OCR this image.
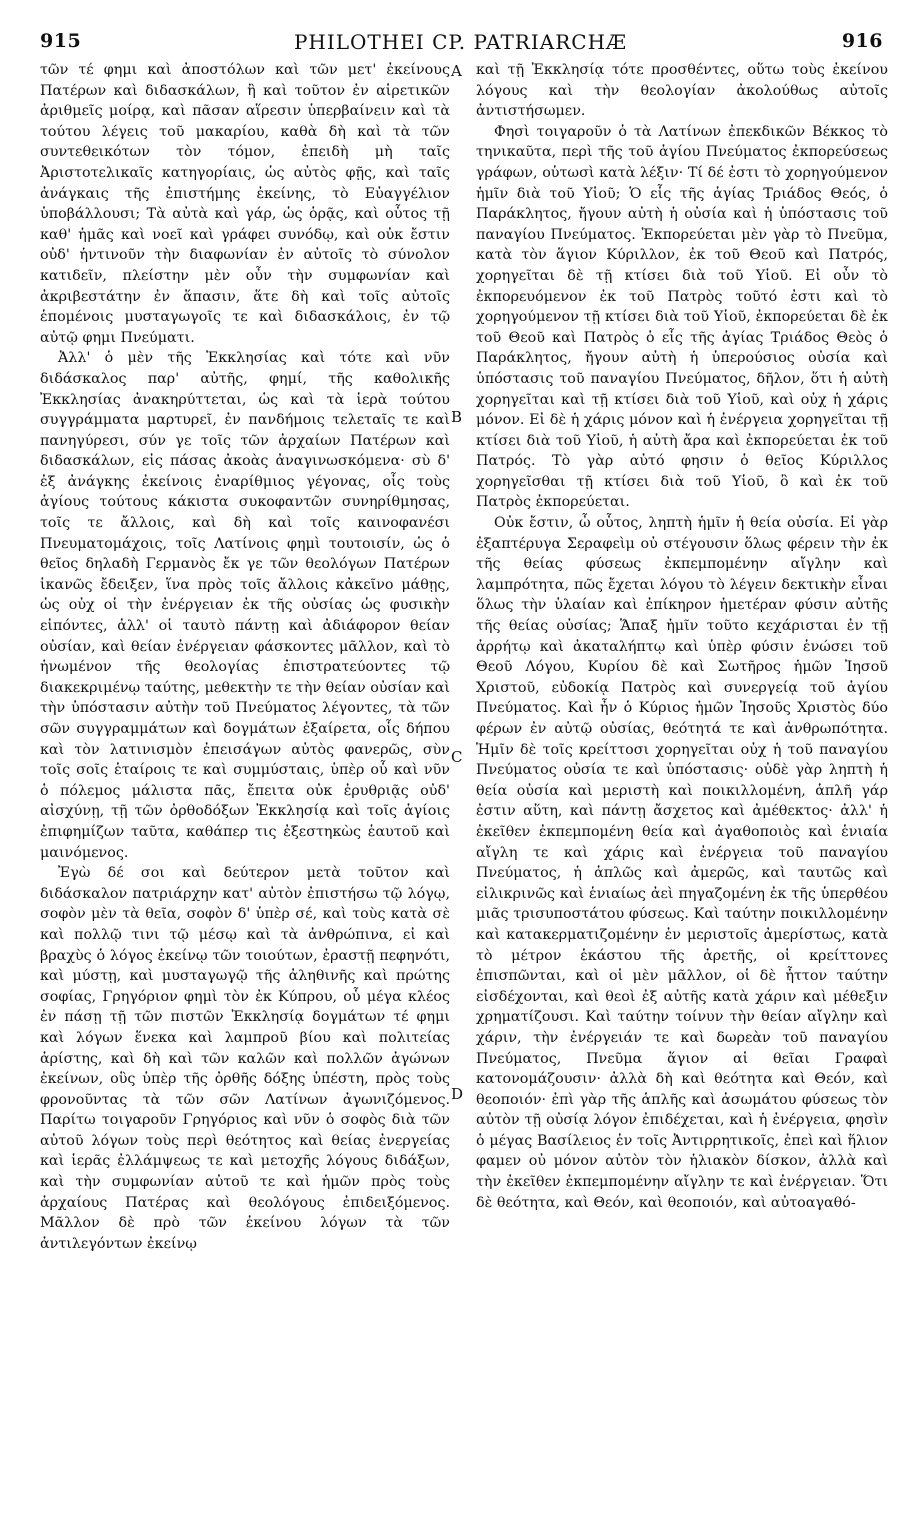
915	PHILOTHEI CP. PATRIARCHÆ	916

τῶν τέ φημι καὶ ἀποστόλων καὶ τῶν μετ' ἐκείνους Πατέρων καὶ διδασκάλων, ἢ καὶ τοῦτον ἐν αἱρετικῶν ἀριθμεῖς μοίρᾳ, καὶ πᾶσαν αἵρεσιν ὑπερβαίνειν καὶ τὰ τούτου λέγεις τοῦ μακαρίου, καθὰ δὴ καὶ τὰ τῶν συντεθεικότων τὸν τόμον, ἐπειδὴ μὴ ταῖς Ἀριστοτελικαῖς κατηγορίαις, ὡς αὐτὸς φῇς, καὶ ταῖς ἀνάγκαις τῆς ἐπιστήμης ἐκείνης, τὸ Εὐαγγέλιον ὑποβάλλουσι; Τὰ αὐτὰ καὶ γάρ, ὡς ὁρᾷς, καὶ οὗτος τῇ καθ' ἡμᾶς καὶ νοεῖ καὶ γράφει συνόδῳ, καὶ οὐκ ἔστιν οὐδ' ἡντινοῦν τὴν διαφωνίαν ἐν αὐτοῖς τὸ σύνολον κατιδεῖν, πλείστην μὲν οὖν τὴν συμφωνίαν καὶ ἀκριβεστάτην ἐν ἅπασιν, ἅτε δὴ καὶ τοῖς αὐτοῖς ἑπομένοις μυσταγωγοῖς τε καὶ διδασκάλοις, ἐν τῷ αὐτῷ φημι Πνεύματι.

Ἀλλ' ὁ μὲν τῆς Ἐκκλησίας καὶ τότε καὶ νῦν διδάσκαλος παρ' αὐτῆς, φημί, τῆς καθολικῆς Ἐκκλησίας ἀνακηρύττεται, ὡς καὶ τὰ ἱερὰ τούτου συγγράμματα μαρτυρεῖ, ἐν πανδήμοις τελεταῖς τε καὶ πανηγύρεσι, σύν γε τοῖς τῶν ἀρχαίων Πατέρων καὶ διδασκάλων, εἰς πάσας ἀκοὰς ἀναγινωσκόμενα· σὺ δ' ἐξ ἀνάγκης ἐκείνοις ἐναρίθμιος γέγονας, οἷς τοὺς ἁγίους τούτους κάκιστα συκοφαντῶν συνηρίθμησας, τοῖς τε ἄλλοις, καὶ δὴ καὶ τοῖς καινοφανέσι Πνευματομάχοις, τοῖς Λατίνοις φημὶ τουτοισίν, ὡς ὁ θεῖος δηλαδὴ Γερμανὸς ἔκ γε τῶν θεολόγων Πατέρων ἱκανῶς ἔδειξεν, ἵνα πρὸς τοῖς ἄλλοις κἀκεῖνο μάθῃς, ὡς οὐχ οἱ τὴν ἐνέργειαν ἐκ τῆς οὐσίας ὡς φυσικὴν εἰπόντες, ἀλλ' οἱ ταυτὸ πάντῃ καὶ ἀδιάφορον θείαν οὐσίαν, καὶ θείαν ἐνέργειαν φάσκοντες μᾶλλον, καὶ τὸ ἡνωμένον τῆς θεολογίας ἐπιστρατεύοντες τῷ διακεκριμένῳ ταύτης, μεθεκτὴν τε τὴν θείαν οὐσίαν καὶ τὴν ὑπόστασιν αὐτὴν τοῦ Πνεύματος λέγοντες, τὰ τῶν σῶν συγγραμμάτων καὶ δογμάτων ἐξαίρετα, οἷς δήπου καὶ τὸν λατινισμὸν ἐπεισάγων αὐτὸς φανερῶς, σὺν τοῖς σοῖς ἑταίροις τε καὶ συμμύσταις, ὑπὲρ οὗ καὶ νῦν ὁ πόλεμος μάλιστα πᾶς, ἔπειτα οὐκ ἐρυθριᾷς οὐδ' αἰσχύνῃ, τῇ τῶν ὀρθοδόξων Ἐκκλησίᾳ καὶ τοῖς ἁγίοις ἐπιφημίζων ταῦτα, καθάπερ τις ἐξεστηκὼς ἑαυτοῦ καὶ μαινόμενος.

Ἐγὼ δέ σοι καὶ δεύτερον μετὰ τοῦτον καὶ διδάσκαλον πατριάρχην κατ' αὐτὸν ἐπιστήσω τῷ λόγῳ, σοφὸν μὲν τὰ θεῖα, σοφὸν δ' ὑπὲρ σέ, καὶ τοὺς κατὰ σὲ καὶ πολλῷ τινι τῷ μέσῳ καὶ τὰ ἀνθρώπινα, εἰ καὶ βραχὺς ὁ λόγος ἐκείνῳ τῶν τοιούτων, ἐραστῇ πεφηνότι, καὶ μύστῃ, καὶ μυσταγωγῷ τῆς ἀληθινῆς καὶ πρώτης σοφίας, Γρηγόριον φημὶ τὸν ἐκ Κύπρου, οὗ μέγα κλέος ἐν πάσῃ τῇ τῶν πιστῶν Ἐκκλησίᾳ δογμάτων τέ φημι καὶ λόγων ἕνεκα καὶ λαμπροῦ βίου καὶ πολιτείας ἀρίστης, καὶ δὴ καὶ τῶν καλῶν καὶ πολλῶν ἀγώνων ἐκείνων, οὓς ὑπὲρ τῆς ὀρθῆς δόξης ὑπέστη, πρὸς τοὺς φρονοῦντας τὰ τῶν σῶν Λατίνων ἀγωνιζόμενος. Παρίτω τοιγαροῦν Γρηγόριος καὶ νῦν ὁ σοφὸς διὰ τῶν αὐτοῦ λόγων τοὺς περὶ θεότητος καὶ θείας ἐνεργείας καὶ ἱερᾶς ἐλλάμψεως τε καὶ μετοχῆς λόγους διδάξων, καὶ τὴν συμφωνίαν αὐτοῦ τε καὶ ἡμῶν πρὸς τοὺς ἀρχαίους Πατέρας καὶ θεολόγους ἐπιδειξόμενος. Μᾶλλον δὲ πρὸ τῶν ἐκείνου λόγων τὰ τῶν ἀντιλεγόντων ἐκείνῳ

A
B
C
D

καὶ τῇ Ἐκκλησίᾳ τότε προσθέντες, οὕτω τοὺς ἐκείνου λόγους καὶ τὴν θεολογίαν ἀκολούθως αὐτοῖς ἀντιστήσωμεν.

Φησὶ τοιγαροῦν ὁ τὰ Λατίνων ἐπεκδικῶν Βέκκος τὸ τηνικαῦτα, περὶ τῆς τοῦ ἁγίου Πνεύματος ἐκπορεύσεως γράφων, οὑτωσὶ κατὰ λέξιν· Τί δέ ἐστι τὸ χορηγούμενον ἡμῖν διὰ τοῦ Υἱοῦ; Ὁ εἷς τῆς ἁγίας Τριάδος Θεός, ὁ Παράκλητος, ἤγουν αὐτὴ ἡ οὐσία καὶ ἡ ὑπόστασις τοῦ παναγίου Πνεύματος. Ἐκπορεύεται μὲν γὰρ τὸ Πνεῦμα, κατὰ τὸν ἅγιον Κύριλλον, ἐκ τοῦ Θεοῦ καὶ Πατρός, χορηγεῖται δὲ τῇ κτίσει διὰ τοῦ Υἱοῦ. Εἰ οὖν τὸ ἐκπορευόμενον ἐκ τοῦ Πατρὸς τοῦτό ἐστι καὶ τὸ χορηγούμενον τῇ κτίσει διὰ τοῦ Υἱοῦ, ἐκπορεύεται δὲ ἐκ τοῦ Θεοῦ καὶ Πατρὸς ὁ εἷς τῆς ἁγίας Τριάδος Θεὸς ὁ Παράκλητος, ἤγουν αὐτὴ ἡ ὑπερούσιος οὐσία καὶ ὑπόστασις τοῦ παναγίου Πνεύματος, δῆλον, ὅτι ἡ αὐτὴ χορηγεῖται καὶ τῇ κτίσει διὰ τοῦ Υἱοῦ, καὶ οὐχ ἡ χάρις μόνον. Εἰ δὲ ἡ χάρις μόνον καὶ ἡ ἐνέργεια χορηγεῖται τῇ κτίσει διὰ τοῦ Υἱοῦ, ἡ αὐτὴ ἄρα καὶ ἐκπορεύεται ἐκ τοῦ Πατρός. Τὸ γὰρ αὐτό φησιν ὁ θεῖος Κύριλλος χορηγεῖσθαι τῇ κτίσει διὰ τοῦ Υἱοῦ, ὃ καὶ ἐκ τοῦ Πατρὸς ἐκπορεύεται.

Οὐκ ἔστιν, ὦ οὗτος, ληπτὴ ἡμῖν ἡ θεία οὐσία. Εἰ γὰρ ἐξαπτέρυγα Σεραφεὶμ οὐ στέγουσιν ὅλως φέρειν τὴν ἐκ τῆς θείας φύσεως ἐκπεμπομένην αἴγλην καὶ λαμπρότητα, πῶς ἔχεται λόγου τὸ λέγειν δεκτικὴν εἶναι ὅλως τὴν ὑλαίαν καὶ ἐπίκηρον ἡμετέραν φύσιν αὐτῆς τῆς θείας οὐσίας; Ἅπαξ ἡμῖν τοῦτο κεχάρισται ἐν τῇ ἀρρήτῳ καὶ ἀκαταλήπτῳ καὶ ὑπὲρ φύσιν ἑνώσει τοῦ Θεοῦ Λόγου, Κυρίου δὲ καὶ Σωτῆρος ἡμῶν Ἰησοῦ Χριστοῦ, εὐδοκίᾳ Πατρὸς καὶ συνεργείᾳ τοῦ ἁγίου Πνεύματος. Καὶ ἦν ὁ Κύριος ἡμῶν Ἰησοῦς Χριστὸς δύο φέρων ἐν αὐτῷ οὐσίας, θεότητά τε καὶ ἀνθρωπότητα. Ἡμῖν δὲ τοῖς κρείττοσι χορηγεῖται οὐχ ἡ τοῦ παναγίου Πνεύματος οὐσία τε καὶ ὑπόστασις· οὐδὲ γὰρ ληπτὴ ἡ θεία οὐσία καὶ μεριστὴ καὶ ποικιλλομένη, ἁπλῆ γάρ ἐστιν αὕτη, καὶ πάντῃ ἄσχετος καὶ ἀμέθεκτος· ἀλλ' ἡ ἐκεῖθεν ἐκπεμπομένη θεία καὶ ἀγαθοποιὸς καὶ ἑνιαία αἴγλη τε καὶ χάρις καὶ ἐνέργεια τοῦ παναγίου Πνεύματος, ἡ ἁπλῶς καὶ ἀμερῶς, καὶ ταυτῶς καὶ εἰλικρινῶς καὶ ἑνιαίως ἀεὶ πηγαζομένη ἐκ τῆς ὑπερθέου μιᾶς τρισυποστάτου φύσεως. Καὶ ταύτην ποικιλλομένην καὶ κατακερματιζομένην ἐν μεριστοῖς ἀμερίστως, κατὰ τὸ μέτρον ἑκάστου τῆς ἀρετῆς, οἱ κρείττονες ἐπισπῶνται, καὶ οἱ μὲν μᾶλλον, οἱ δὲ ἧττον ταύτην εἰσδέχονται, καὶ θεοὶ ἐξ αὐτῆς κατὰ χάριν καὶ μέθεξιν χρηματίζουσι. Καὶ ταύτην τοίνυν τὴν θείαν αἴγλην καὶ χάριν, τὴν ἐνέργειάν τε καὶ δωρεὰν τοῦ παναγίου Πνεύματος, Πνεῦμα ἅγιον αἱ θεῖαι Γραφαὶ κατονομάζουσιν· ἀλλὰ δὴ καὶ θεότητα καὶ Θεόν, καὶ θεοποιόν· ἐπὶ γὰρ τῆς ἁπλῆς καὶ ἀσωμάτου φύσεως τὸν αὐτὸν τῇ οὐσίᾳ λόγον ἐπιδέχεται, καὶ ἡ ἐνέργεια, φησὶν ὁ μέγας Βασίλειος ἐν τοῖς Ἀντιρρητικοῖς, ἐπεὶ καὶ ἥλιον φαμεν οὐ μόνον αὐτὸν τὸν ἡλιακὸν δίσκον, ἀλλὰ καὶ τὴν ἐκεῖθεν ἐκπεμπομένην αἴγλην τε καὶ ἐνέργειαν. Ὅτι δὲ θεότητα, καὶ Θεόν, καὶ θεοποιόν, καὶ αὐτοαγαθό-
